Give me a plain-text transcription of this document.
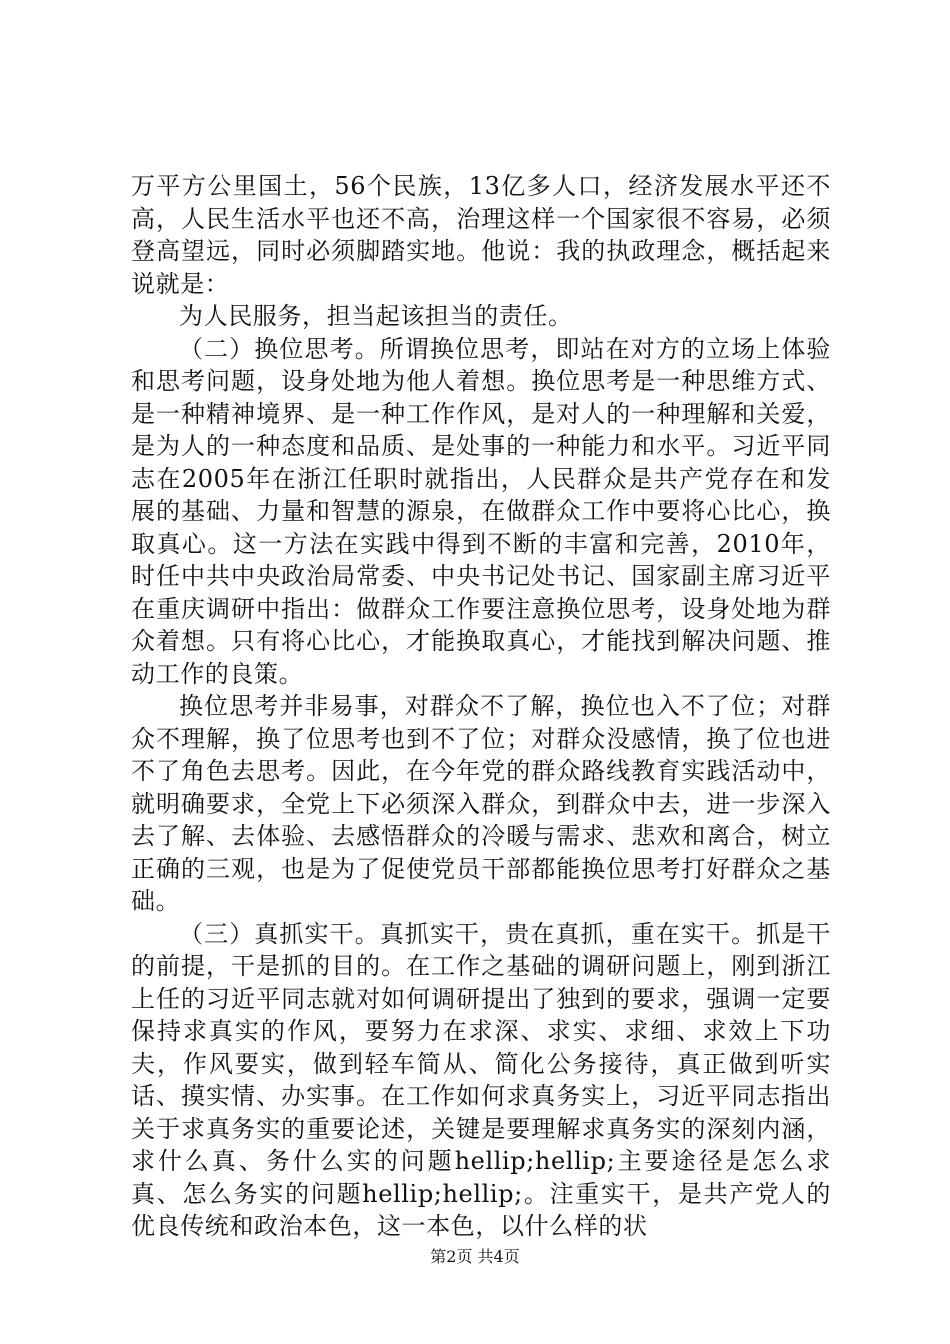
万平方公里国土，56个民族，13亿多人口，经济发展水平还不高，人民生活水平也还不高，治理这样一个国家很不容易，必须登高望远，同时必须脚踏实地。他说：我的执政理念，概括起来说就是：

为人民服务，担当起该担当的责任。

（二）换位思考。所谓换位思考，即站在对方的立场上体验和思考问题，设身处地为他人着想。换位思考是一种思维方式、是一种精神境界、是一种工作作风，是对人的一种理解和关爱，是为人的一种态度和品质、是处事的一种能力和水平。习近平同志在2005年在浙江任职时就指出，人民群众是共产党存在和发展的基础、力量和智慧的源泉，在做群众工作中要将心比心，换取真心。这一方法在实践中得到不断的丰富和完善，2010年，时任中共中央政治局常委、中央书记处书记、国家副主席习近平在重庆调研中指出：做群众工作要注意换位思考，设身处地为群众着想。只有将心比心，才能换取真心，才能找到解决问题、推动工作的良策。

换位思考并非易事，对群众不了解，换位也入不了位；对群众不理解，换了位思考也到不了位；对群众没感情，换了位也进不了角色去思考。因此，在今年党的群众路线教育实践活动中，就明确要求，全党上下必须深入群众，到群众中去，进一步深入去了解、去体验、去感悟群众的冷暖与需求、悲欢和离合，树立正确的三观，也是为了促使党员干部都能换位思考打好群众之基础。

（三）真抓实干。真抓实干，贵在真抓，重在实干。抓是干的前提，干是抓的目的。在工作之基础的调研问题上，刚到浙江上任的习近平同志就对如何调研提出了独到的要求，强调一定要保持求真实的作风，要努力在求深、求实、求细、求效上下功夫，作风要实，做到轻车简从、简化公务接待，真正做到听实话、摸实情、办实事。在工作如何求真务实上，习近平同志指出关于求真务实的重要论述，关键是要理解求真务实的深刻内涵，求什么真、务什么实的问题hellip;hellip;主要途径是怎么求真、怎么务实的问题hellip;hellip;。注重实干，是共产党人的优良传统和政治本色，这一本色，以什么样的状

第2页 共4页
